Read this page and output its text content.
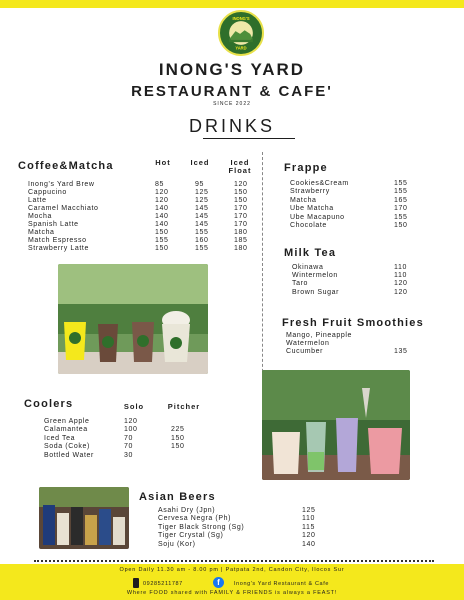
INONG'S
YARD
INONG'S YARD
RESTAURANT & CAFE'
SINCE 2022
DRINKS
Coffee&Matcha	Hot	Iced	Iced Float
Inong's Yard Brew	85	95	120
Cappucino	120	125	150
Latte	120	125	150
Caramel Macchiato	140	145	170
Mocha	140	145	170
Spanish Latte	140	145	170
Matcha	150	155	180
Match Espresso	155	160	185
Strawberry Latte	150	155	180
Frappe
Cookies&Cream	155
Strawberry	155
Matcha	165
Ube Matcha	170
Ube Macapuno	155
Chocolate	150
Milk Tea
Okinawa	110
Wintermelon	110
Taro	120
Brown Sugar	120
Fresh Fruit Smoothies
Mango, Pineapple
Watermelon
Cucumber	135
Coolers	Solo	Pitcher
Green Apple	120
Calamantea	100	225
Iced Tea	70	150
Soda (Coke)	70	150
Bottled Water	30
Asian Beers
Asahi Dry (Jpn)	125
Cervesa Negra (Ph)	110
Tiger Black Strong (Sg)	115
Tiger Crystal (Sg)	120
Soju (Kor)	140
Open Daily 11.30 am - 8.00 pm | Patpata 2nd, Candon City, Ilocos Sur
09285211787	f	Inong's Yard Restaurant & Cafe
Where FOOD shared with FAMILY & FRIENDS is always a FEAST!
